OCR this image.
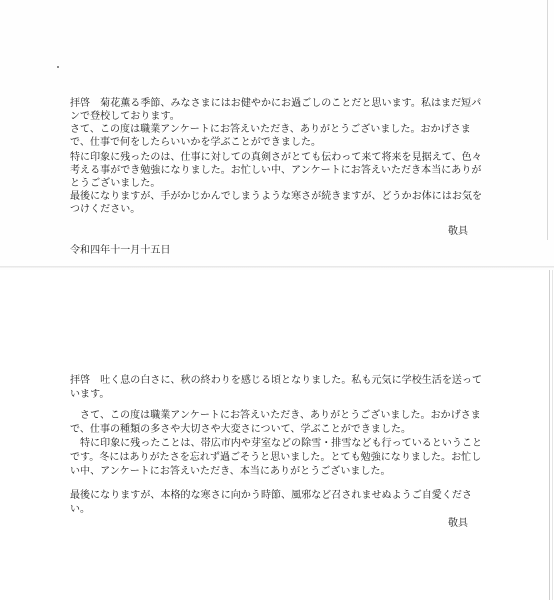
拝啓　菊花薫る季節、みなさまにはお健やかにお過ごしのことだと思います。私はまだ短パ

ンで登校しております。

さて、この度は職業アンケートにお答えいただき、ありがとうございました。おかげさま

で、仕事で何をしたらいいかを学ぶことができました。

特に印象に残ったのは、仕事に対しての真剣さがとても伝わって来て将来を見据えて、色々

考える事ができ勉強になりました。お忙しい中、アンケートにお答えいただき本当にありが

とうございました。

最後になりますが、手がかじかんでしまうような寒さが続きますが、どうかお体にはお気を

つけください。

敬具

令和四年十一月十五日

拝啓　吐く息の白さに、秋の終わりを感じる頃となりました。私も元気に学校生活を送って

います。

　さて、この度は職業アンケートにお答えいただき、ありがとうございました。おかげさま

で、仕事の種類の多さや大切さや大変さについて、学ぶことができました。

　特に印象に残ったことは、帯広市内や芽室などの除雪・排雪なども行っているということ

です。冬にはありがたさを忘れず過ごそうと思いました。とても勉強になりました。お忙し

い中、アンケートにお答えいただき、本当にありがとうございました。

最後になりますが、本格的な寒さに向かう時節、風邪など召されませぬようご自愛くださ

い。

敬具
